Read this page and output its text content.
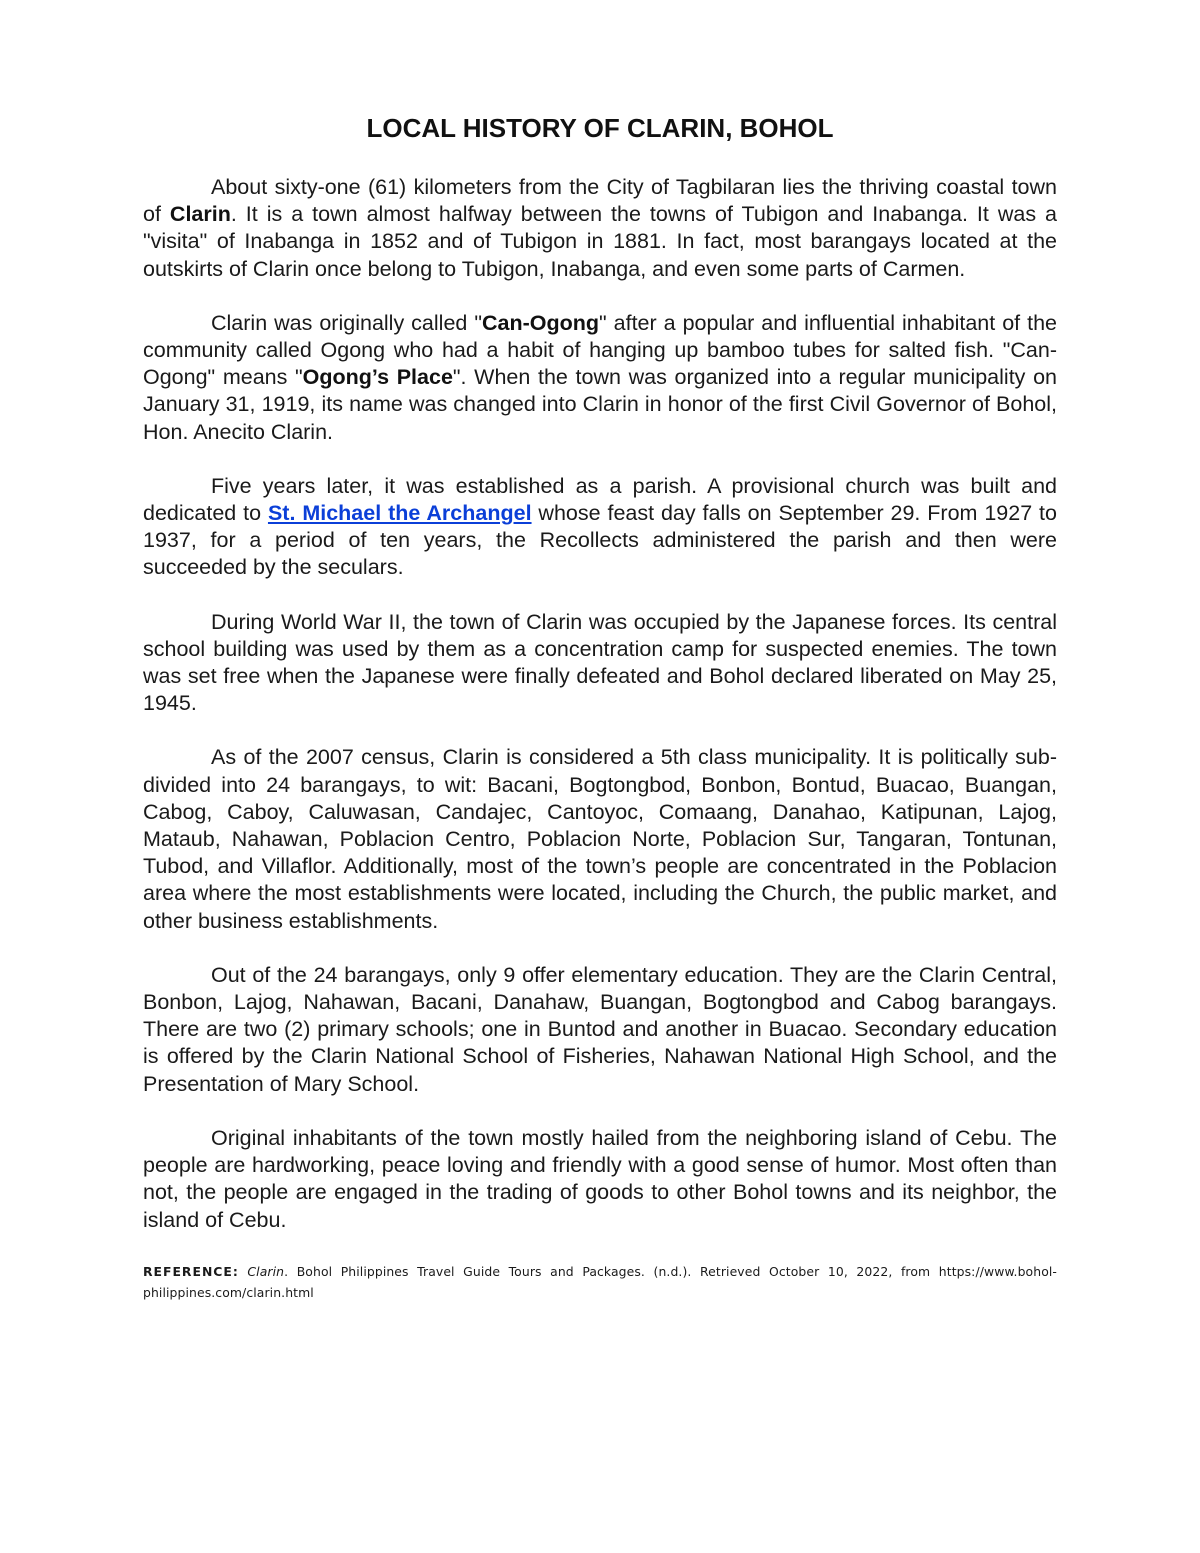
LOCAL HISTORY OF CLARIN, BOHOL

About sixty-one (61) kilometers from the City of Tagbilaran lies the thriving coastal town of Clarin. It is a town almost halfway between the towns of Tubigon and Inabanga. It was a "visita" of Inabanga in 1852 and of Tubigon in 1881. In fact, most barangays located at the outskirts of Clarin once belong to Tubigon, Inabanga, and even some parts of Carmen.

Clarin was originally called "Can-Ogong" after a popular and influential inhabitant of the community called Ogong who had a habit of hanging up bamboo tubes for salted fish. "Can-Ogong" means "Ogong’s Place". When the town was organized into a regular municipality on January 31, 1919, its name was changed into Clarin in honor of the first Civil Governor of Bohol, Hon. Anecito Clarin.

Five years later, it was established as a parish. A provisional church was built and dedicated to St. Michael the Archangel whose feast day falls on September 29. From 1927 to 1937, for a period of ten years, the Recollects administered the parish and then were succeeded by the seculars.

During World War II, the town of Clarin was occupied by the Japanese forces. Its central school building was used by them as a concentration camp for suspected enemies. The town was set free when the Japanese were finally defeated and Bohol declared liberated on May 25, 1945.

As of the 2007 census, Clarin is considered a 5th class municipality. It is politically sub-divided into 24 barangays, to wit: Bacani, Bogtongbod, Bonbon, Bontud, Buacao, Buangan, Cabog, Caboy, Caluwasan, Candajec, Cantoyoc, Comaang, Danahao, Katipunan, Lajog, Mataub, Nahawan, Poblacion Centro, Poblacion Norte, Poblacion Sur, Tangaran, Tontunan, Tubod, and Villaflor. Additionally, most of the town’s people are concentrated in the Poblacion area where the most establishments were located, including the Church, the public market, and other business establishments.

Out of the 24 barangays, only 9 offer elementary education. They are the Clarin Central, Bonbon, Lajog, Nahawan, Bacani, Danahaw, Buangan, Bogtongbod and Cabog barangays. There are two (2) primary schools; one in Buntod and another in Buacao. Secondary education is offered by the Clarin National School of Fisheries, Nahawan National High School, and the Presentation of Mary School.

Original inhabitants of the town mostly hailed from the neighboring island of Cebu. The people are hardworking, peace loving and friendly with a good sense of humor. Most often than not, the people are engaged in the trading of goods to other Bohol towns and its neighbor, the island of Cebu.

REFERENCE: Clarin. Bohol Philippines Travel Guide Tours and Packages. (n.d.). Retrieved October 10, 2022, from https://www.bohol-philippines.com/clarin.html
